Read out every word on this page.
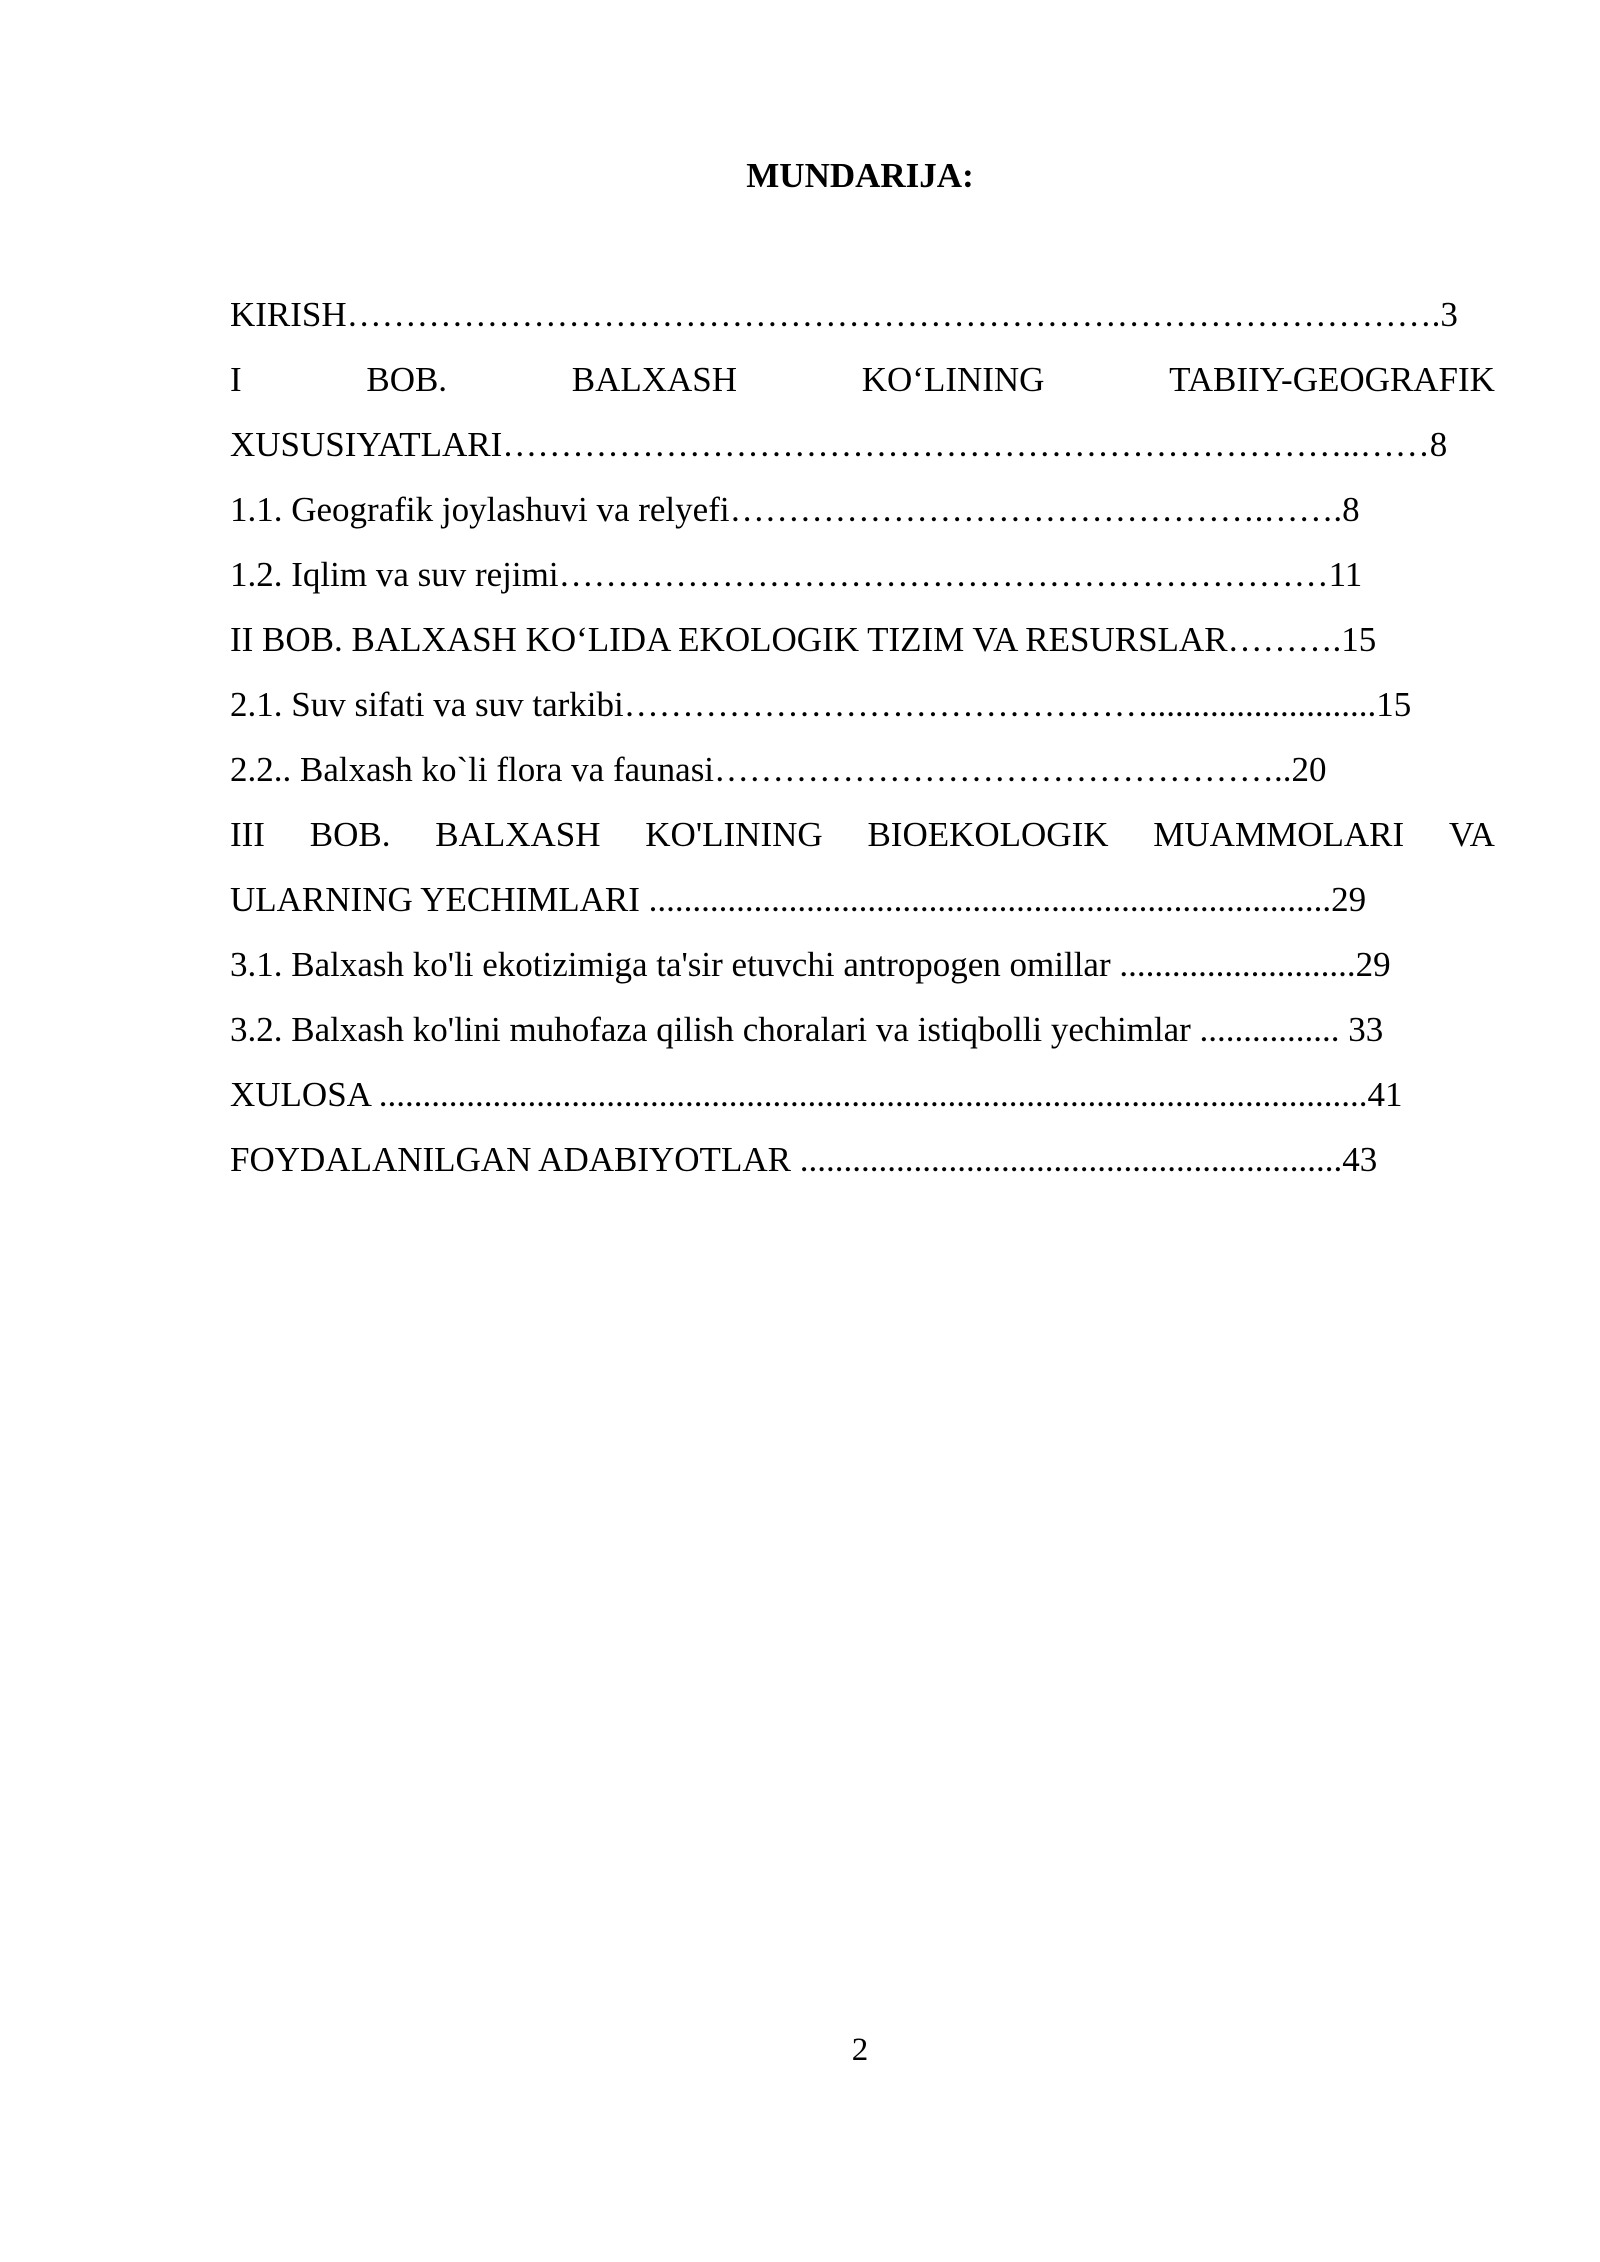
MUNDARIJA:
KIRISH………………………………………………………………………………….3
I	BOB.	BALXASH	KO‘LINING	TABIIY-GEOGRAFIK
XUSUSIYATLARI………………………………………………………………..……8
1.1. Geografik joylashuvi va relyefi……………………………………….…….8
1.2. Iqlim va suv rejimi…………………………………………………………11
II BOB. BALXASH KO‘LIDA EKOLOGIK TIZIM VA RESURSLAR……….15
2.1. Suv sifati va suv tarkibi………………………………………..........................15
2.2.. Balxash ko`li flora va faunasi…………………………………………..20
III BOB. BALXASH KO'LINING BIOEKOLOGIK MUAMMOLARI VA
ULARNING YECHIMLARI ..............................................................................29
3.1. Balxash ko'li ekotizimiga ta'sir etuvchi antropogen omillar ...........................29
3.2. Balxash ko'lini muhofaza qilish choralari va istiqbolli yechimlar ................ 33
XULOSA .................................................................................................................41
FOYDALANILGAN ADABIYOTLAR ..............................................................43
2
